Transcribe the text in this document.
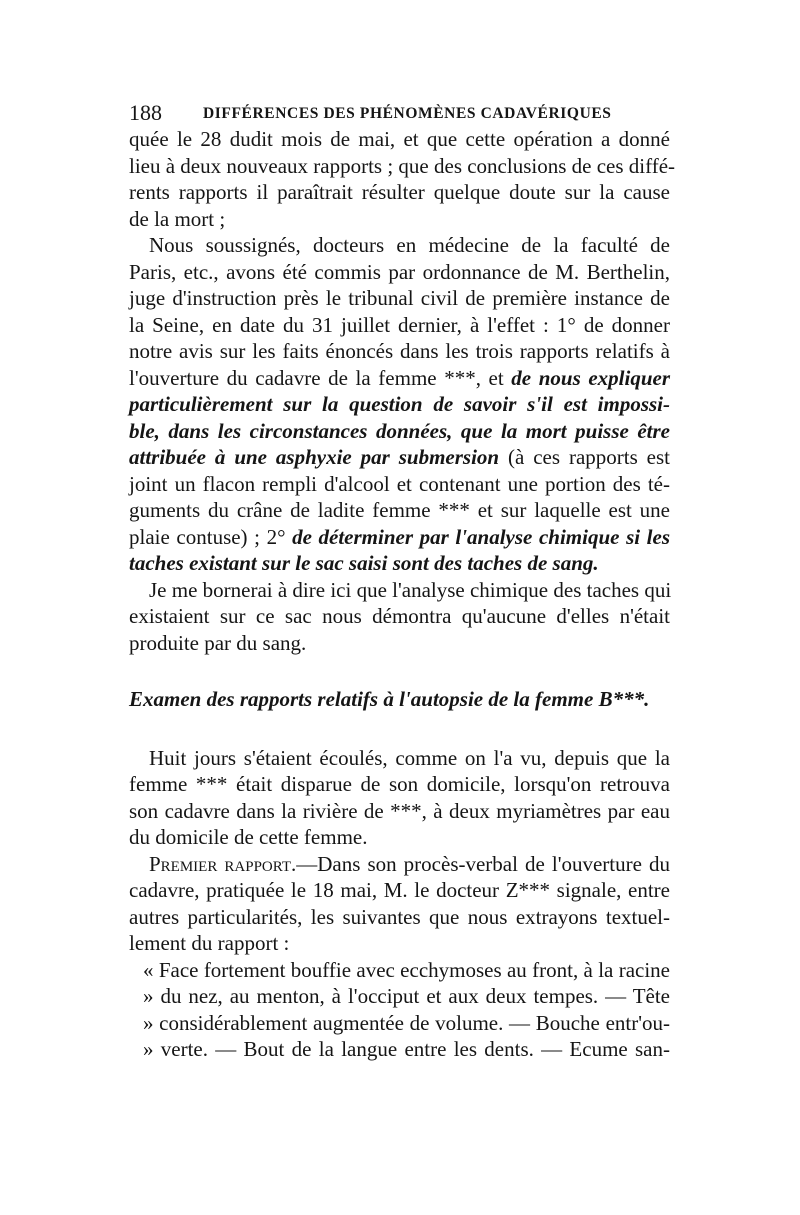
188	DIFFÉRENCES DES PHÉNOMÈNES CADAVÉRIQUES
quée le 28 dudit mois de mai, et que cette opération a donné
lieu à deux nouveaux rapports ; que des conclusions de ces diffé-
rents rapports il paraîtrait résulter quelque doute sur la cause
de la mort ;
Nous soussignés, docteurs en médecine de la faculté de
Paris, etc., avons été commis par ordonnance de M. Berthelin,
juge d'instruction près le tribunal civil de première instance de
la Seine, en date du 31 juillet dernier, à l'effet : 1° de donner
notre avis sur les faits énoncés dans les trois rapports relatifs à
l'ouverture du cadavre de la femme ***, et de nous expliquer
particulièrement sur la question de savoir s'il est impossi-
ble, dans les circonstances données, que la mort puisse être
attribuée à une asphyxie par submersion (à ces rapports est
joint un flacon rempli d'alcool et contenant une portion des té-
guments du crâne de ladite femme *** et sur laquelle est une
plaie contuse) ; 2° de déterminer par l'analyse chimique si les
taches existant sur le sac saisi sont des taches de sang.
Je me bornerai à dire ici que l'analyse chimique des taches qui
existaient sur ce sac nous démontra qu'aucune d'elles n'était
produite par du sang.
Examen des rapports relatifs à l'autopsie de la femme B***.
Huit jours s'étaient écoulés, comme on l'a vu, depuis que la
femme *** était disparue de son domicile, lorsqu'on retrouva
son cadavre dans la rivière de ***, à deux myriamètres par eau
du domicile de cette femme.
Premier rapport.—Dans son procès-verbal de l'ouverture du
cadavre, pratiquée le 18 mai, M. le docteur Z*** signale, entre
autres particularités, les suivantes que nous extrayons textuel-
lement du rapport :
« Face fortement bouffie avec ecchymoses au front, à la racine
» du nez, au menton, à l'occiput et aux deux tempes. — Tête
» considérablement augmentée de volume. — Bouche entr'ou-
» verte. — Bout de la langue entre les dents. — Ecume san-
